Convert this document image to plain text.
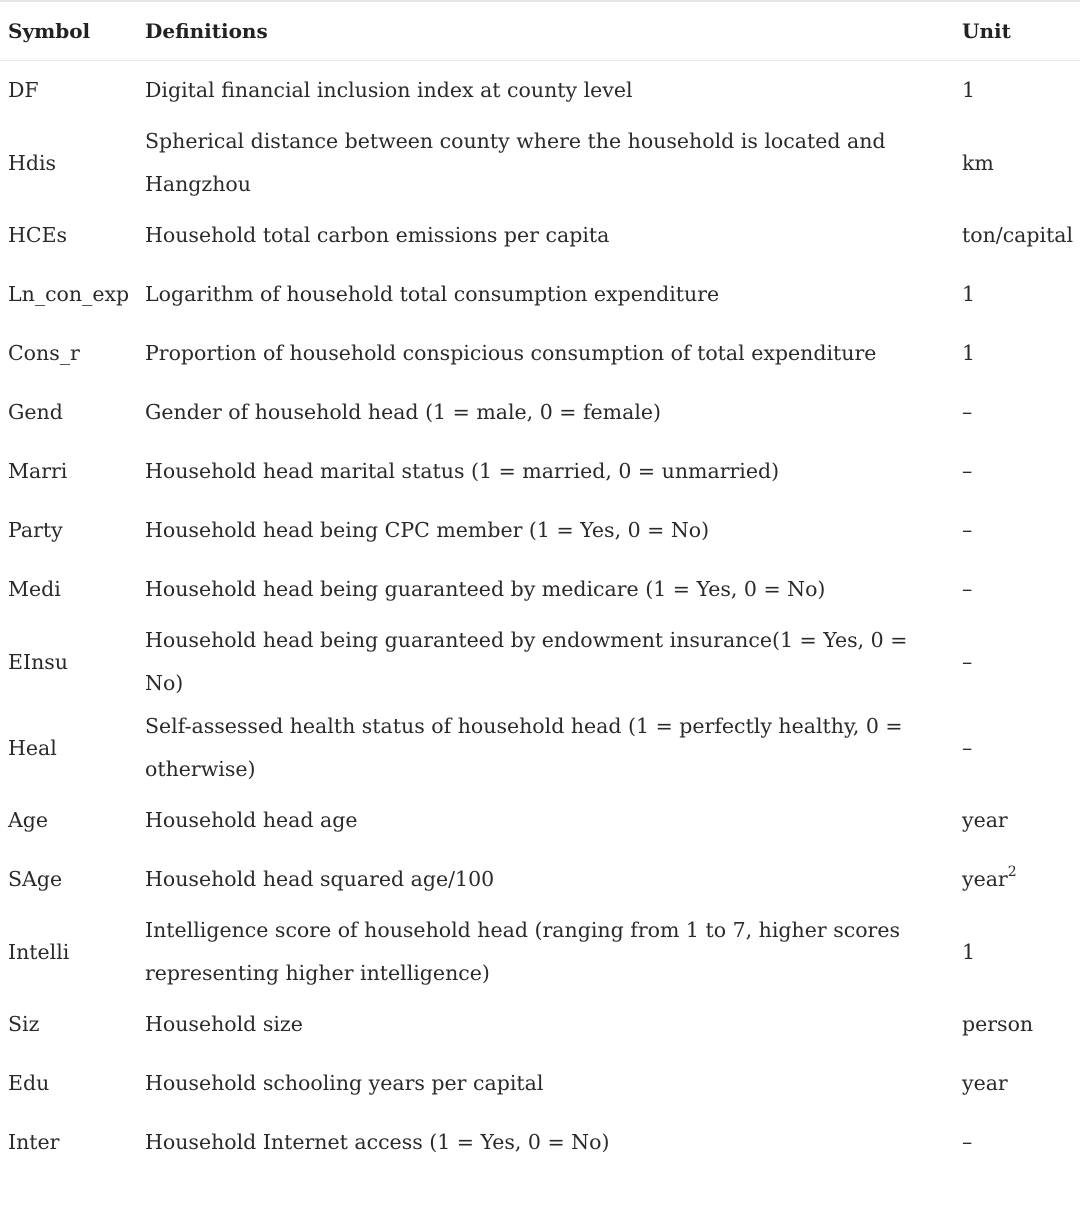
Symbol	Definitions	Unit
DF	Digital financial inclusion index at county level	1
Hdis	Spherical distance between county where the household is located and Hangzhou	km
HCEs	Household total carbon emissions per capita	ton/capital
Ln_con_exp	Logarithm of household total consumption expenditure	1
Cons_r	Proportion of household conspicious consumption of total expenditure	1
Gend	Gender of household head (1 = male, 0 = female)	–
Marri	Household head marital status (1 = married, 0 = unmarried)	–
Party	Household head being CPC member (1 = Yes, 0 = No)	–
Medi	Household head being guaranteed by medicare (1 = Yes, 0 = No)	–
EInsu	Household head being guaranteed by endowment insurance(1 = Yes, 0 = No)	–
Heal	Self-assessed health status of household head (1 = perfectly healthy, 0 = otherwise)	–
Age	Household head age	year
SAge	Household head squared age/100	year$^2$
Intelli	Intelligence score of household head (ranging from 1 to 7, higher scores representing higher intelligence)	1
Siz	Household size	person
Edu	Household schooling years per capital	year
Inter	Household Internet access (1 = Yes, 0 = No)	–
